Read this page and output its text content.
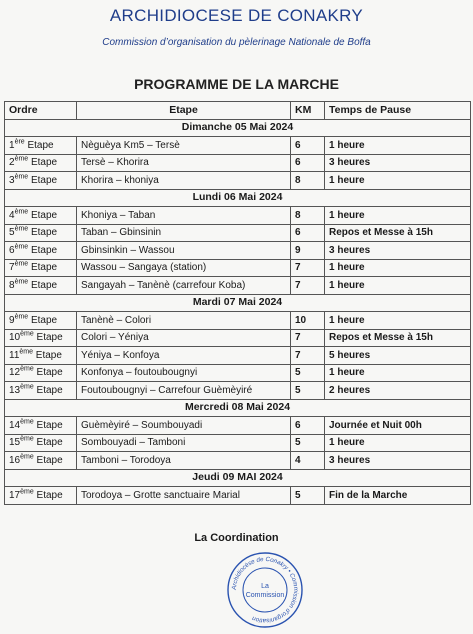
ARCHIDIOCESE DE CONAKRY
Commission d’organisation du pèlerinage Nationale de Boffa
PROGRAMME DE LA MARCHE
Ordre	Etape	KM	Temps de Pause
Dimanche 05 Mai 2024			
1ère Etape	Nèguèya Km5 – Tersè	6	1 heure
2ème Etape	Tersè – Khorira	6	3 heures
3ème Etape	Khorira – khoniya	8	1 heure
Lundi 06 Mai 2024			
4ème Etape	Khoniya – Taban	8	1 heure
5ème Etape	Taban – Gbinsinin	6	Repos et Messe à 15h
6ème Etape	Gbinsinkin – Wassou	9	3 heures
7ème Etape	Wassou – Sangaya (station)	7	1 heure
8ème Etape	Sangayah – Tanènè (carrefour Koba)	7	1 heure
Mardi 07 Mai 2024			
9ème Etape	Tanènè – Colori	10	1 heure
10ème Etape	Colori – Yéniya	7	Repos et Messe à 15h
11ème Etape	Yéniya – Konfoya	7	5 heures
12ème Etape	Konfonya – foutoubougnyi	5	1 heure
13ème Etape	Foutoubougnyi – Carrefour Guèmèyiré	5	2 heures
Mercredi 08 Mai 2024			
14ème Etape	Guèmèyiré – Soumbouyadi	6	Journée et Nuit 00h
15ème Etape	Sombouyadi – Tamboni	5	1 heure
16ème Etape	Tamboni – Torodoya	4	3 heures
Jeudi 09 MAI 2024			
17ème Etape	Torodoya – Grotte sanctuaire Marial	5	Fin de la Marche
La Coordination
Archidiocèse de Conakry • Commission d'organisation
La Commission
